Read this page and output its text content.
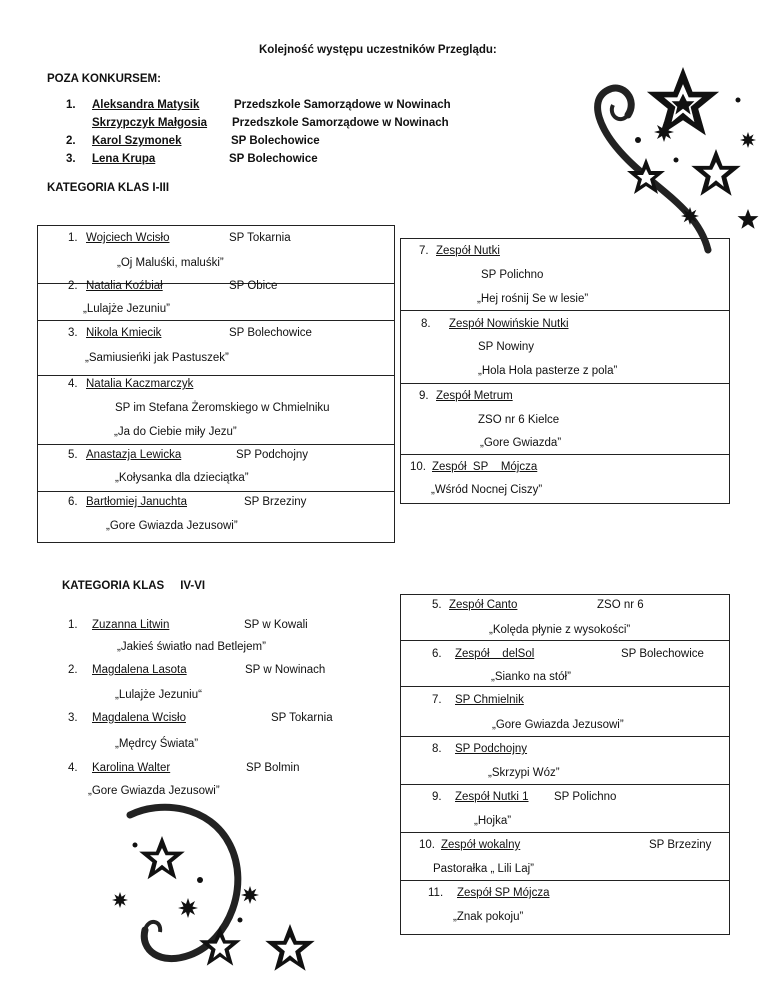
Kolejność występu uczestników Przeglądu:
POZA KONKURSEM:
1. Aleksandra Matysik	Przedszkole Samorządowe w Nowinach
Skrzypczyk Małgosia Przedszkole Samorządowe w Nowinach
2. Karol Szymonek	SP Bolechowice
3. Lena Krupa	SP Bolechowice
KATEGORIA KLAS I-III
1. Wojciech Wcisło	SP Tokarnia
„Oj Maluśki, maluśki”
2. Natalia Koźbiał	SP Obice
„Lulajże Jezuniu”
3. Nikola Kmiecik	SP Bolechowice
„Samiusieńki jak Pastuszek”
4. Natalia Kaczmarczyk
SP im Stefana Żeromskiego w Chmielniku
„Ja do Ciebie miły Jezu”
5. Anastazja Lewicka	SP Podchojny
„Kołysanka dla dzieciątka”
6. Bartłomiej Januchta	SP Brzeziny
„Gore Gwiazda Jezusowi”
7. Zespół Nutki
SP Polichno
„Hej rośnij Se w lesie”
8. Zespół Nowińskie Nutki
SP Nowiny
„Hola Hola pasterze z pola”
9. Zespół Metrum
ZSO nr 6 Kielce
„Gore Gwiazda”
10. Zespół  SP    Mójcza
„Wśród Nocnej Ciszy”
KATEGORIA KLAS     IV-VI
1. Zuzanna Litwin	SP w Kowali
„Jakieś światło nad Betlejem”
2. Magdalena Lasota	SP w Nowinach
„Lulajże Jezuniu“
3. Magdalena Wcisło	SP Tokarnia
„Mędrcy Świata”
4. Karolina Walter	SP Bolmin
„Gore Gwiazda Jezusowi”
5. Zespół Canto	ZSO nr 6
„Kolęda płynie z wysokości”
6. Zespół    delSol	SP Bolechowice
„Sianko na stół”
7. SP Chmielnik
„Gore Gwiazda Jezusowi”
8. SP Podchojny
„Skrzypi Wóz”
9. Zespół Nutki 1 SP Polichno
„Hojka”
10. Zespół wokalny	SP Brzeziny
Pastorałka „ Lili Laj”
11. Zespół SP Mójcza
„Znak pokoju”
